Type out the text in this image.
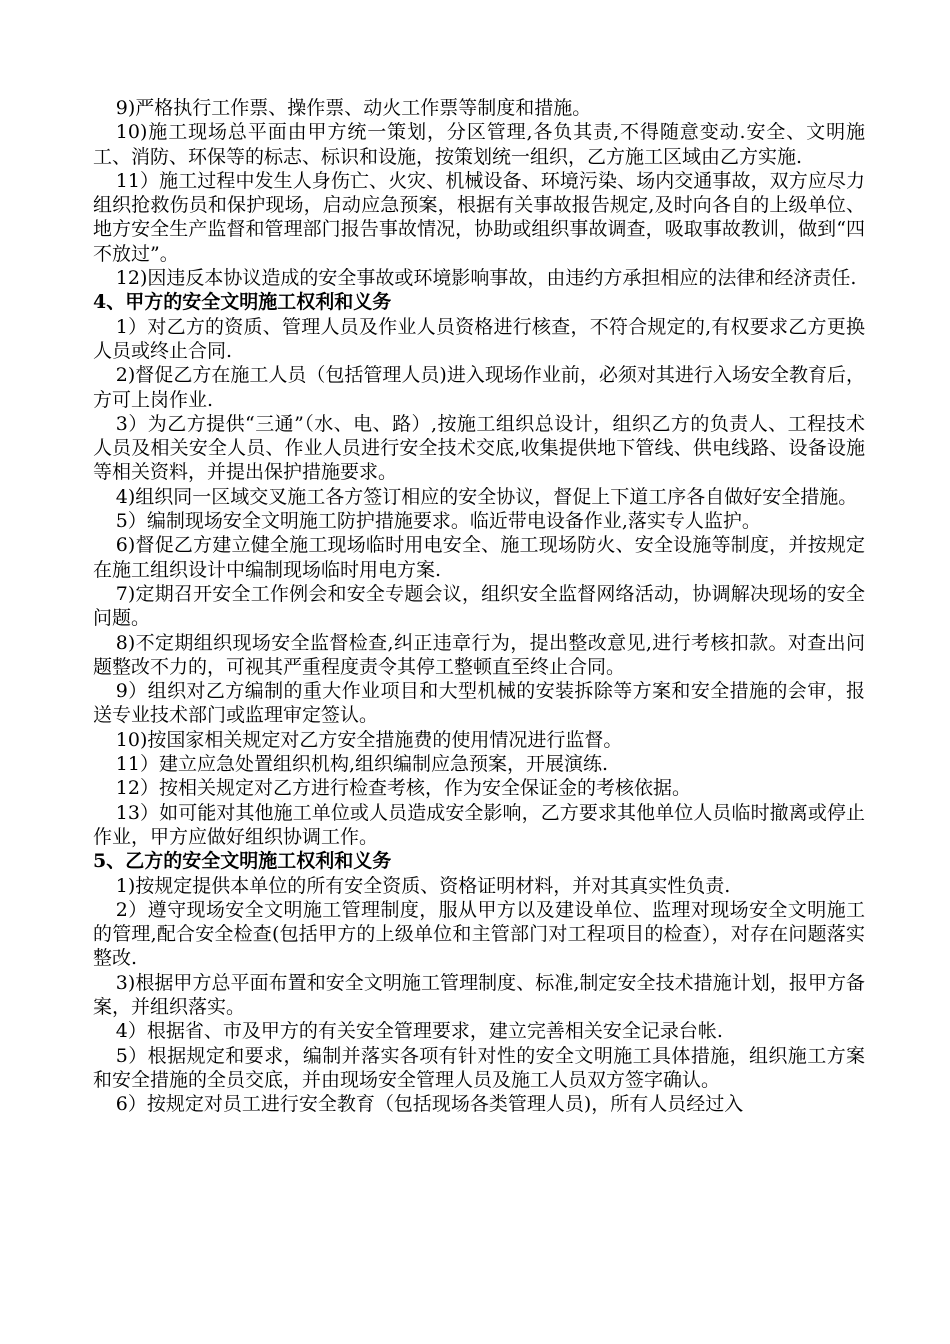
9)严格执行工作票、操作票、动火工作票等制度和措施。

10)施工现场总平面由甲方统一策划，分区管理,各负其责,不得随意变动.安全、文明施工、消防、环保等的标志、标识和设施，按策划统一组织，乙方施工区域由乙方实施.

11）施工过程中发生人身伤亡、火灾、机械设备、环境污染、场内交通事故，双方应尽力组织抢救伤员和保护现场，启动应急预案，根据有关事故报告规定,及时向各自的上级单位、地方安全生产监督和管理部门报告事故情况，协助或组织事故调查，吸取事故教训，做到“四不放过”。

12)因违反本协议造成的安全事故或环境影响事故，由违约方承担相应的法律和经济责任.

4、甲方的安全文明施工权利和义务

1）对乙方的资质、管理人员及作业人员资格进行核查，不符合规定的,有权要求乙方更换人员或终止合同.

2)督促乙方在施工人员（包括管理人员)进入现场作业前，必须对其进行入场安全教育后，方可上岗作业.

3）为乙方提供“三通”（水、电、路）,按施工组织总设计，组织乙方的负责人、工程技术人员及相关安全人员、作业人员进行安全技术交底,收集提供地下管线、供电线路、设备设施等相关资料，并提出保护措施要求。

4)组织同一区域交叉施工各方签订相应的安全协议，督促上下道工序各自做好安全措施。

5）编制现场安全文明施工防护措施要求。临近带电设备作业,落实专人监护。

6)督促乙方建立健全施工现场临时用电安全、施工现场防火、安全设施等制度，并按规定在施工组织设计中编制现场临时用电方案.

7)定期召开安全工作例会和安全专题会议，组织安全监督网络活动，协调解决现场的安全问题。

8)不定期组织现场安全监督检查,纠正违章行为，提出整改意见,进行考核扣款。对查出问题整改不力的，可视其严重程度责令其停工整顿直至终止合同。

9）组织对乙方编制的重大作业项目和大型机械的安装拆除等方案和安全措施的会审，报送专业技术部门或监理审定签认。

10)按国家相关规定对乙方安全措施费的使用情况进行监督。

11）建立应急处置组织机构,组织编制应急预案，开展演练.

12）按相关规定对乙方进行检查考核，作为安全保证金的考核依据。

13）如可能对其他施工单位或人员造成安全影响，乙方要求其他单位人员临时撤离或停止作业，甲方应做好组织协调工作。

5、乙方的安全文明施工权利和义务

1)按规定提供本单位的所有安全资质、资格证明材料，并对其真实性负责.

2）遵守现场安全文明施工管理制度，服从甲方以及建设单位、监理对现场安全文明施工的管理,配合安全检查(包括甲方的上级单位和主管部门对工程项目的检查），对存在问题落实整改.

3)根据甲方总平面布置和安全文明施工管理制度、标准,制定安全技术措施计划，报甲方备案，并组织落实。

4）根据省、市及甲方的有关安全管理要求，建立完善相关安全记录台帐.

5）根据规定和要求，编制并落实各项有针对性的安全文明施工具体措施，组织施工方案和安全措施的全员交底，并由现场安全管理人员及施工人员双方签字确认。

6）按规定对员工进行安全教育（包括现场各类管理人员)，所有人员经过入
